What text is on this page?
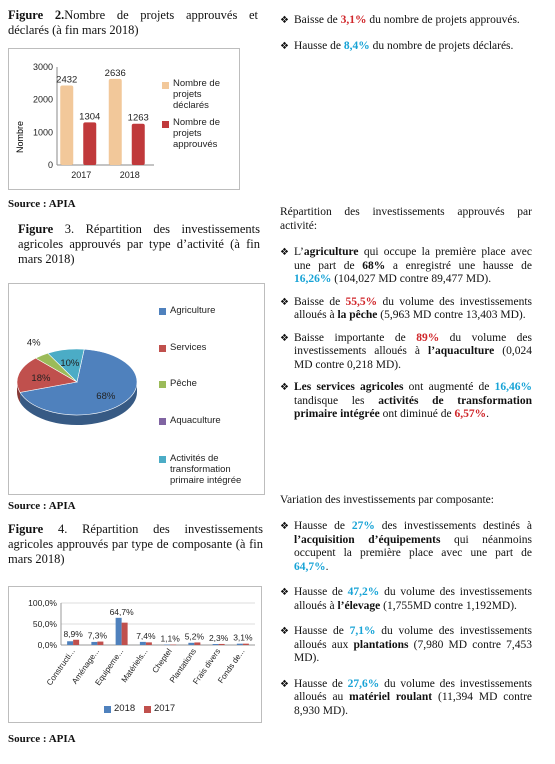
Figure 2.Nombre de projets approuvés et déclarés (à fin mars 2018)
Nombre
0
1000
2000
3000
2017	2018
2432
1304
2636
1263
Nombre de projets déclarés
Nombre de projets approuvés
Source : APIA
Figure 3. Répartition des investissements agricoles approuvés par type d’activité (à fin mars 2018)
68%
18%
4%
10%
Agriculture
Services
Pêche
Aquaculture
Activités de transformation primaire intégrée
Source : APIA
Figure 4. Répartition des investissements agricoles approuvés par type de composante (à fin mars 2018)
0,0%
50,0%
100,0%
Constructi...
Aménage...
Equipeme...
Matériels... Cheptel
Plantations
Frais divers
Fonds de...
8,9% 7,3%
64,7%
7,4% 1,1% 5,2% 2,3% 3,1%
2018 2017
Source : APIA
❖ Baisse de 3,1% du nombre de projets approuvés.
❖ Hausse de 8,4% du nombre de projets déclarés.
Répartition des investissements approuvés par activité:
❖ L’agriculture qui occupe la première place avec une part de 68% a enregistré une hausse de 16,26% (104,027 MD contre 89,477 MD).
❖ Baisse de 55,5% du volume des investissements alloués à la pêche (5,963 MD contre 13,403 MD).
❖ Baisse importante de 89% du volume des investissements alloués à l’aquaculture (0,024 MD contre 0,218 MD).
❖ Les services agricoles ont augmenté de 16,46% tandisque les activités de transformation primaire intégrée ont diminué de 6,57%.
Variation des investissements par composante:
❖ Hausse de 27% des investissements destinés à l’acquisition d’équipements qui néanmoins occupent la première place avec une part de 64,7%.
❖ Hausse de 47,2% du volume des investissements alloués à l’élevage (1,755MD contre 1,192MD).
❖ Hausse de 7,1% du volume des investissements alloués aux plantations (7,980 MD contre 7,453 MD).
❖ Hausse de 27,6% du volume des investissements alloués au matériel roulant (11,394 MD contre 8,930 MD).
